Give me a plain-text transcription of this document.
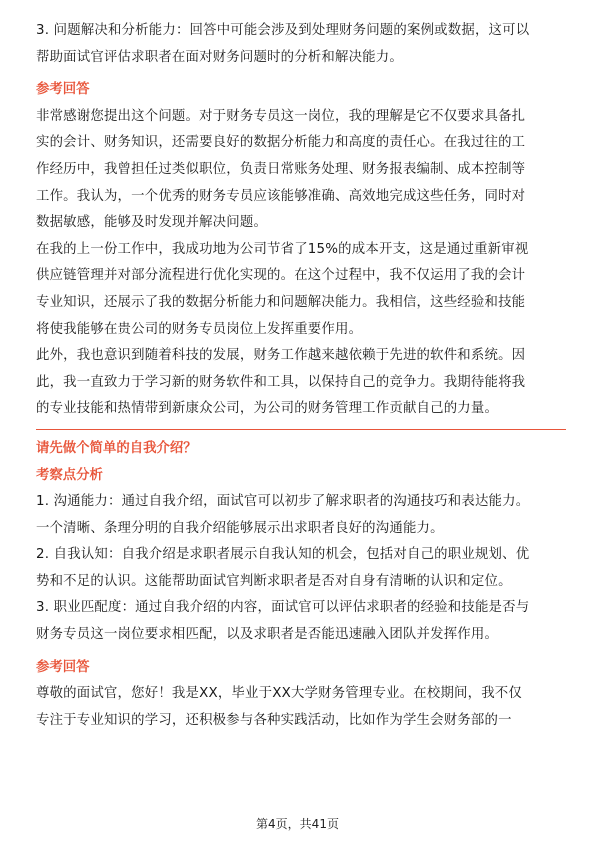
3. 问题解决和分析能力：回答中可能会涉及到处理财务问题的案例或数据，这可以

帮助面试官评估求职者在面对财务问题时的分析和解决能力。

参考回答

非常感谢您提出这个问题。对于财务专员这一岗位，我的理解是它不仅要求具备扎

实的会计、财务知识，还需要良好的数据分析能力和高度的责任心。在我过往的工

作经历中，我曾担任过类似职位，负责日常账务处理、财务报表编制、成本控制等

工作。我认为，一个优秀的财务专员应该能够准确、高效地完成这些任务，同时对

数据敏感，能够及时发现并解决问题。

在我的上一份工作中，我成功地为公司节省了15%的成本开支，这是通过重新审视

供应链管理并对部分流程进行优化实现的。在这个过程中，我不仅运用了我的会计

专业知识，还展示了我的数据分析能力和问题解决能力。我相信，这些经验和技能

将使我能够在贵公司的财务专员岗位上发挥重要作用。

此外，我也意识到随着科技的发展，财务工作越来越依赖于先进的软件和系统。因

此，我一直致力于学习新的财务软件和工具，以保持自己的竞争力。我期待能将我

的专业技能和热情带到新康众公司，为公司的财务管理工作贡献自己的力量。

请先做个简单的自我介绍？

考察点分析

1. 沟通能力：通过自我介绍，面试官可以初步了解求职者的沟通技巧和表达能力。

一个清晰、条理分明的自我介绍能够展示出求职者良好的沟通能力。

2. 自我认知：自我介绍是求职者展示自我认知的机会，包括对自己的职业规划、优

势和不足的认识。这能帮助面试官判断求职者是否对自身有清晰的认识和定位。

3. 职业匹配度：通过自我介绍的内容，面试官可以评估求职者的经验和技能是否与

财务专员这一岗位要求相匹配，以及求职者是否能迅速融入团队并发挥作用。

参考回答

尊敬的面试官，您好！我是XX，毕业于XX大学财务管理专业。在校期间，我不仅

专注于专业知识的学习，还积极参与各种实践活动，比如作为学生会财务部的一

第4页，共41页
